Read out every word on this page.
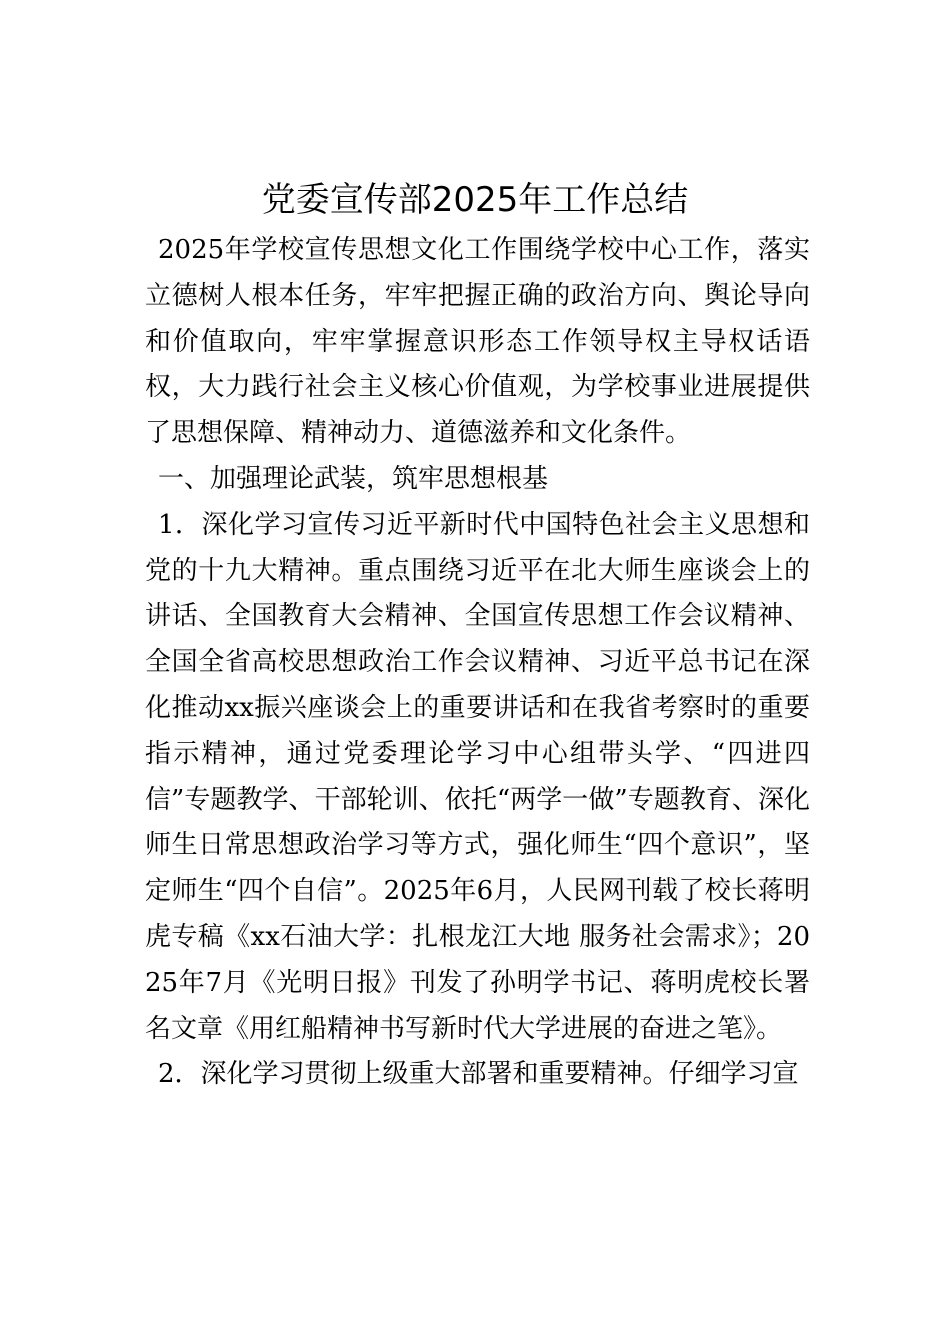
党委宣传部2025年工作总结

2025年学校宣传思想文化工作围绕学校中心工作，落实立德树人根本任务，牢牢把握正确的政治方向、舆论导向和价值取向，牢牢掌握意识形态工作领导权主导权话语权，大力践行社会主义核心价值观，为学校事业进展提供了思想保障、精神动力、道德滋养和文化条件。

一、加强理论武装，筑牢思想根基

1．深化学习宣传习近平新时代中国特色社会主义思想和党的十九大精神。重点围绕习近平在北大师生座谈会上的讲话、全国教育大会精神、全国宣传思想工作会议精神、全国全省高校思想政治工作会议精神、习近平总书记在深化推动xx振兴座谈会上的重要讲话和在我省考察时的重要指示精神，通过党委理论学习中心组带头学、“四进四信”专题教学、干部轮训、依托“两学一做”专题教育、深化师生日常思想政治学习等方式，强化师生“四个意识”，坚定师生“四个自信”。2025年6月，人民网刊载了校长蒋明虎专稿《xx石油大学：扎根龙江大地 服务社会需求》；2025年7月《光明日报》刊发了孙明学书记、蒋明虎校长署名文章《用红船精神书写新时代大学进展的奋进之笔》。

2．深化学习贯彻上级重大部署和重要精神。仔细学习宣
